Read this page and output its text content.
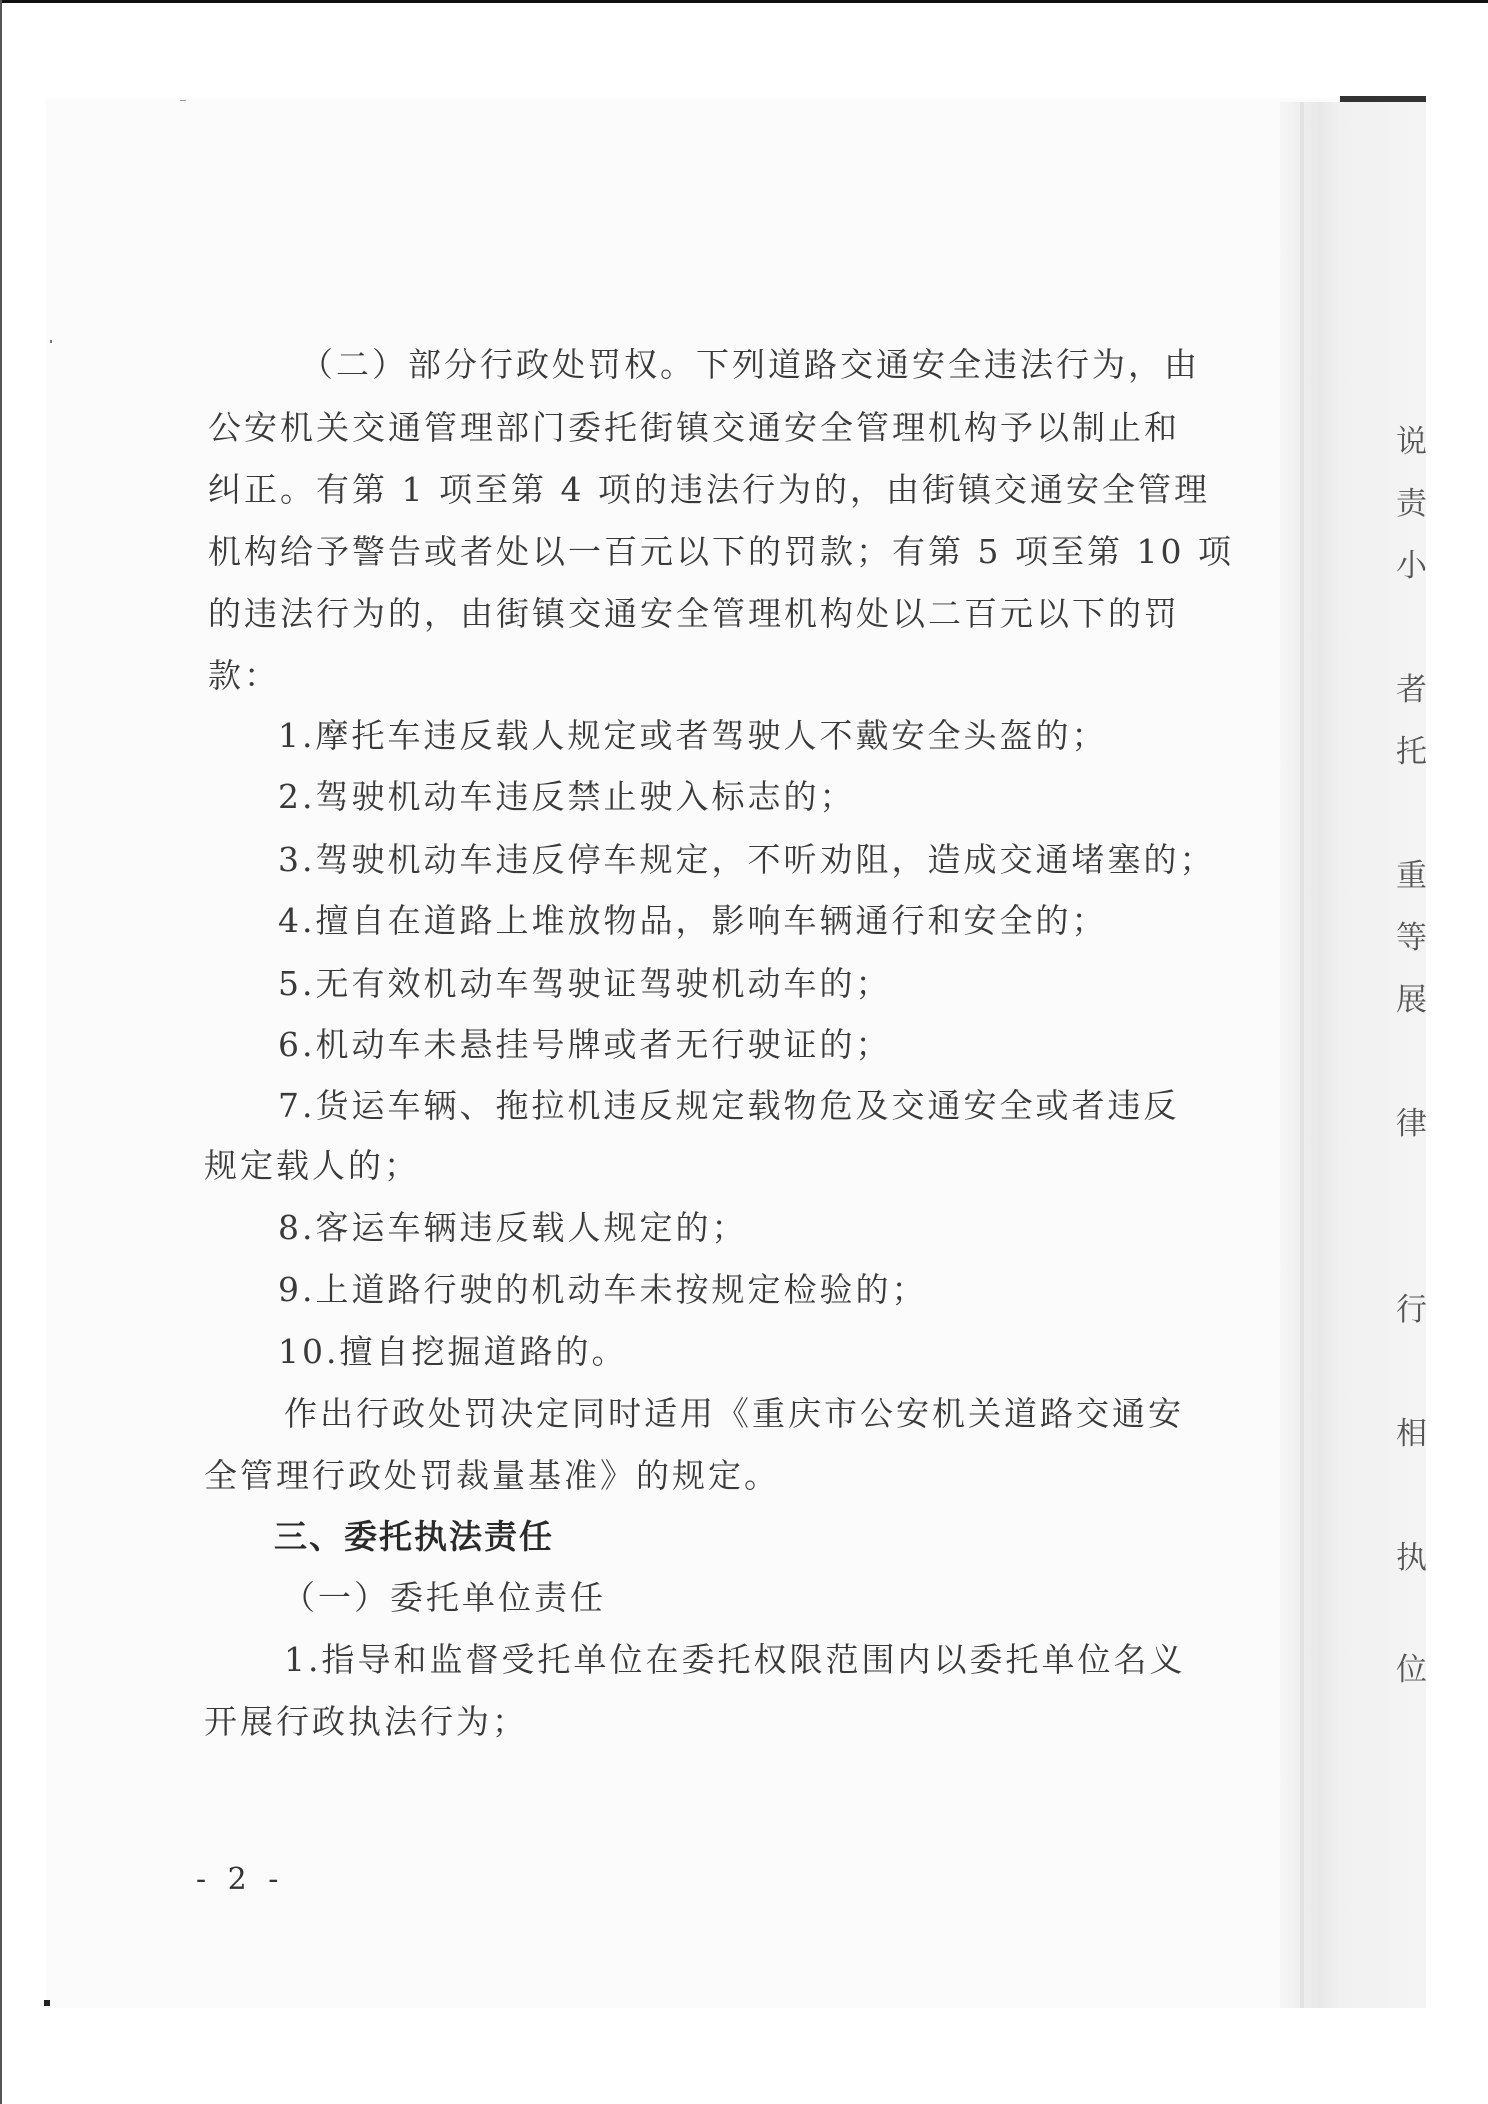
（二）部分行政处罚权。下列道路交通安全违法行为，由
公安机关交通管理部门委托街镇交通安全管理机构予以制止和
纠正。有第 1 项至第 4 项的违法行为的，由街镇交通安全管理
机构给予警告或者处以一百元以下的罚款；有第 5 项至第 10 项
的违法行为的，由街镇交通安全管理机构处以二百元以下的罚
款：
1.摩托车违反载人规定或者驾驶人不戴安全头盔的；
2.驾驶机动车违反禁止驶入标志的；
3.驾驶机动车违反停车规定，不听劝阻，造成交通堵塞的；
4.擅自在道路上堆放物品，影响车辆通行和安全的；
5.无有效机动车驾驶证驾驶机动车的；
6.机动车未悬挂号牌或者无行驶证的；
7.货运车辆、拖拉机违反规定载物危及交通安全或者违反
规定载人的；
8.客运车辆违反载人规定的；
9.上道路行驶的机动车未按规定检验的；
10.擅自挖掘道路的。
作出行政处罚决定同时适用《重庆市公安机关道路交通安
全管理行政处罚裁量基准》的规定。
三、委托执法责任
（一）委托单位责任
1.指导和监督受托单位在委托权限范围内以委托单位名义
开展行政执法行为；
- 2 -
说
责
小
者
托
重
等
展
律
行
相
执
位
